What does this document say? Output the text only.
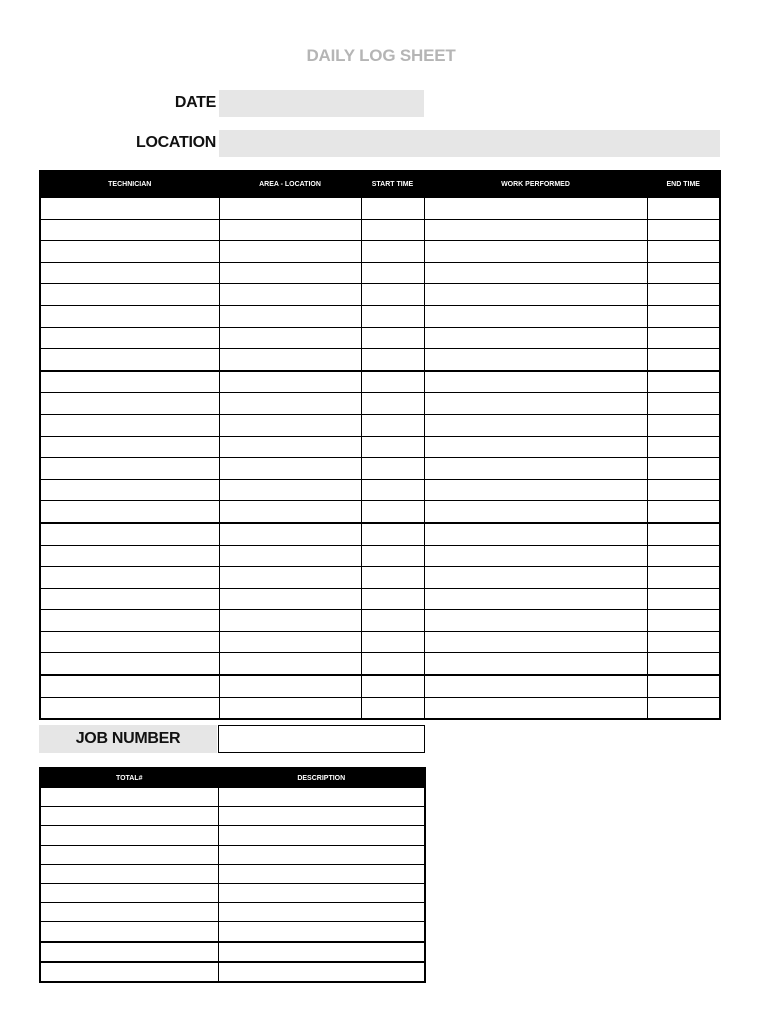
DAILY LOG SHEET
DATE
LOCATION
TECHNICIAN	AREA - LOCATION	START TIME	WORK PERFORMED	END TIME

JOB NUMBER
TOTAL#	DESCRIPTION
